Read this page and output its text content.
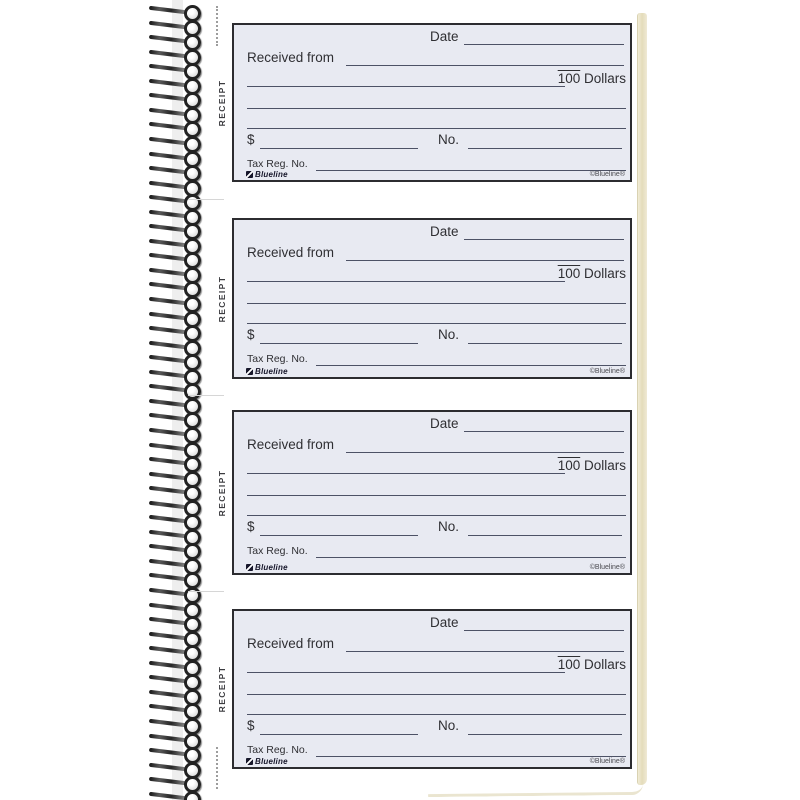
RECEIPT
Date
Received from
100 Dollars
$	No.
Tax Reg. No.
Blueline	©Blueline®
RECEIPT
Date
Received from
100 Dollars
$	No.
Tax Reg. No.
Blueline	©Blueline®
RECEIPT
Date
Received from
100 Dollars
$	No.
Tax Reg. No.
Blueline	©Blueline®
RECEIPT
Date
Received from
100 Dollars
$	No.
Tax Reg. No.
Blueline	©Blueline®
